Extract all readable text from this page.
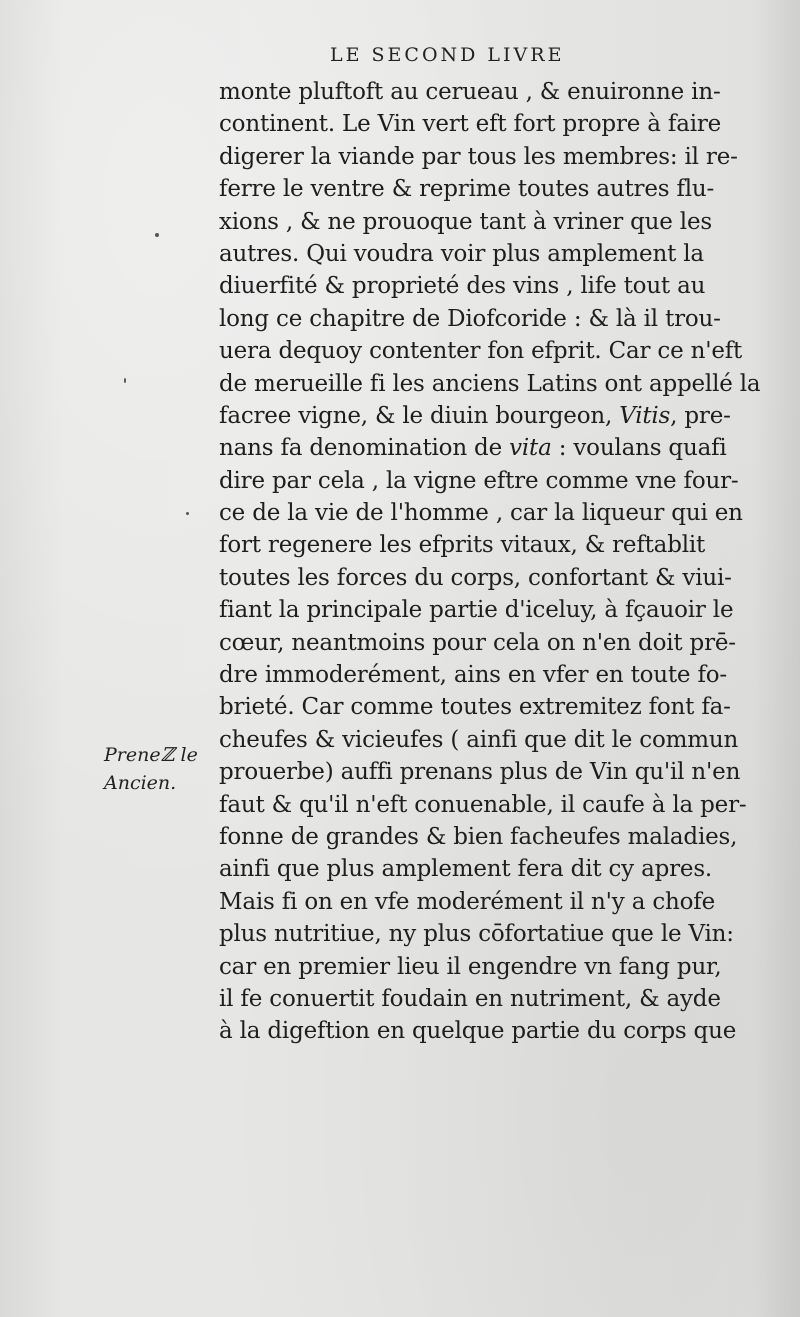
LE SECOND LIVRE
Preneℤ le
Ancien.
monte pluftoft au cerueau , & enuironne in-
continent. Le Vin vert eft fort propre à faire
digerer la viande par tous les membres: il re-
ferre le ventre & reprime toutes autres flu-
xions , & ne prouoque tant à vriner que les
autres. Qui voudra voir plus amplement la
diuerfité & proprieté des vins , life tout au
long ce chapitre de Diofcoride : & là il trou-
uera dequoy contenter fon efprit. Car ce n'eft
de merueille fi les anciens Latins ont appellé la
facree vigne, & le diuin bourgeon, Vitis, pre-
nans fa denomination de vita : voulans quafi
dire par cela , la vigne eftre comme vne four-
ce de la vie de l'homme , car la liqueur qui en
fort regenere les efprits vitaux, & reftablit
toutes les forces du corps, confortant & viui-
fiant la principale partie d'iceluy, à fçauoir le
cœur, neantmoins pour cela on n'en doit prē-
dre immoderément, ains en vfer en toute fo-
brieté. Car comme toutes extremitez font fa-
cheufes & vicieufes ( ainfi que dit le commun
prouerbe) auffi prenans plus de Vin qu'il n'en
faut & qu'il n'eft conuenable, il caufe à la per-
fonne de grandes & bien facheufes maladies,
ainfi que plus amplement fera dit cy apres.
Mais fi on en vfe moderément il n'y a chofe
plus nutritiue, ny plus cōfortatiue que le Vin:
car en premier lieu il engendre vn fang pur,
il fe conuertit foudain en nutriment, & ayde
à la digeftion en quelque partie du corps que
